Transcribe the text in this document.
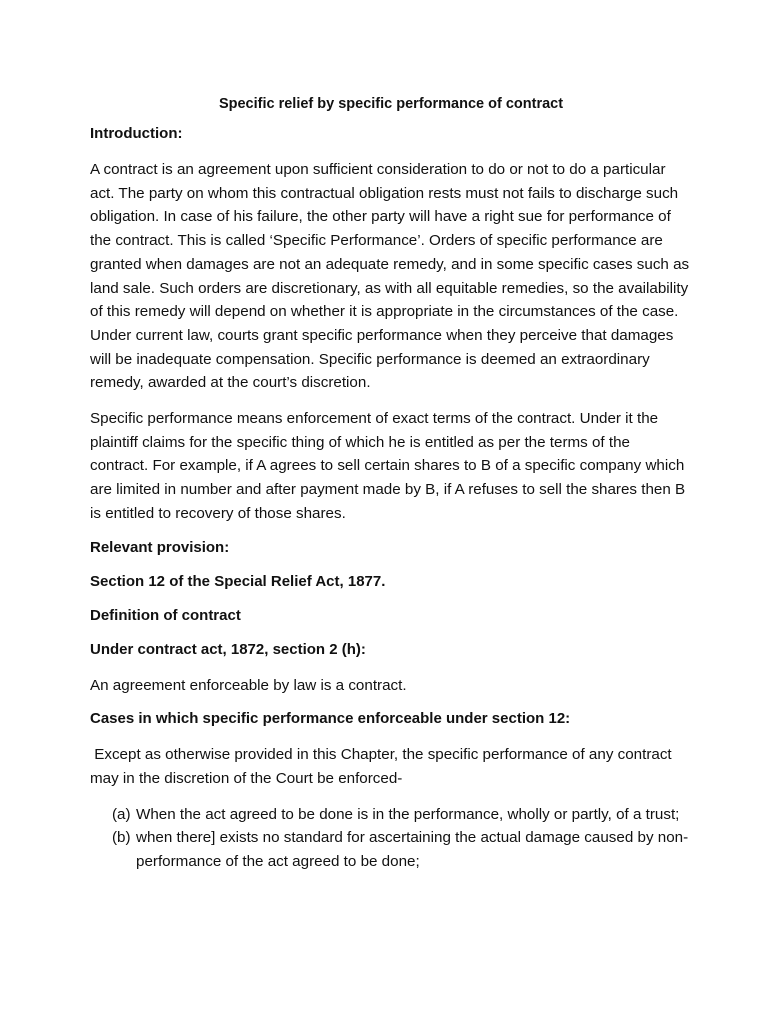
Specific relief by specific performance of contract
Introduction:

A contract is an agreement upon sufficient consideration to do or not to do a particular act. The party on whom this contractual obligation rests must not fails to discharge such obligation. In case of his failure, the other party will have a right sue for performance of the contract. This is called ‘Specific Performance’. Orders of specific performance are granted when damages are not an adequate remedy, and in some specific cases such as land sale. Such orders are discretionary, as with all equitable remedies, so the availability of this remedy will depend on whether it is appropriate in the circumstances of the case. Under current law, courts grant specific performance when they perceive that damages will be inadequate compensation. Specific performance is deemed an extraordinary remedy, awarded at the court’s discretion.

Specific performance means enforcement of exact terms of the contract. Under it the plaintiff claims for the specific thing of which he is entitled as per the terms of the contract. For example, if A agrees to sell certain shares to B of a specific company which are limited in number and after payment made by B, if A refuses to sell the shares then B is entitled to recovery of those shares.

Relevant provision:
Section 12 of the Special Relief Act, 1877.
Definition of contract
Under contract act, 1872, section 2 (h):

An agreement enforceable by law is a contract.

Cases in which specific performance enforceable under section 12:

Except as otherwise provided in this Chapter, the specific performance of any contract may in the discretion of the Court be enforced-

(a) When the act agreed to be done is in the performance, wholly or partly, of a trust;
(b) when there] exists no standard for ascertaining the actual damage caused by non-performance of the act agreed to be done;
